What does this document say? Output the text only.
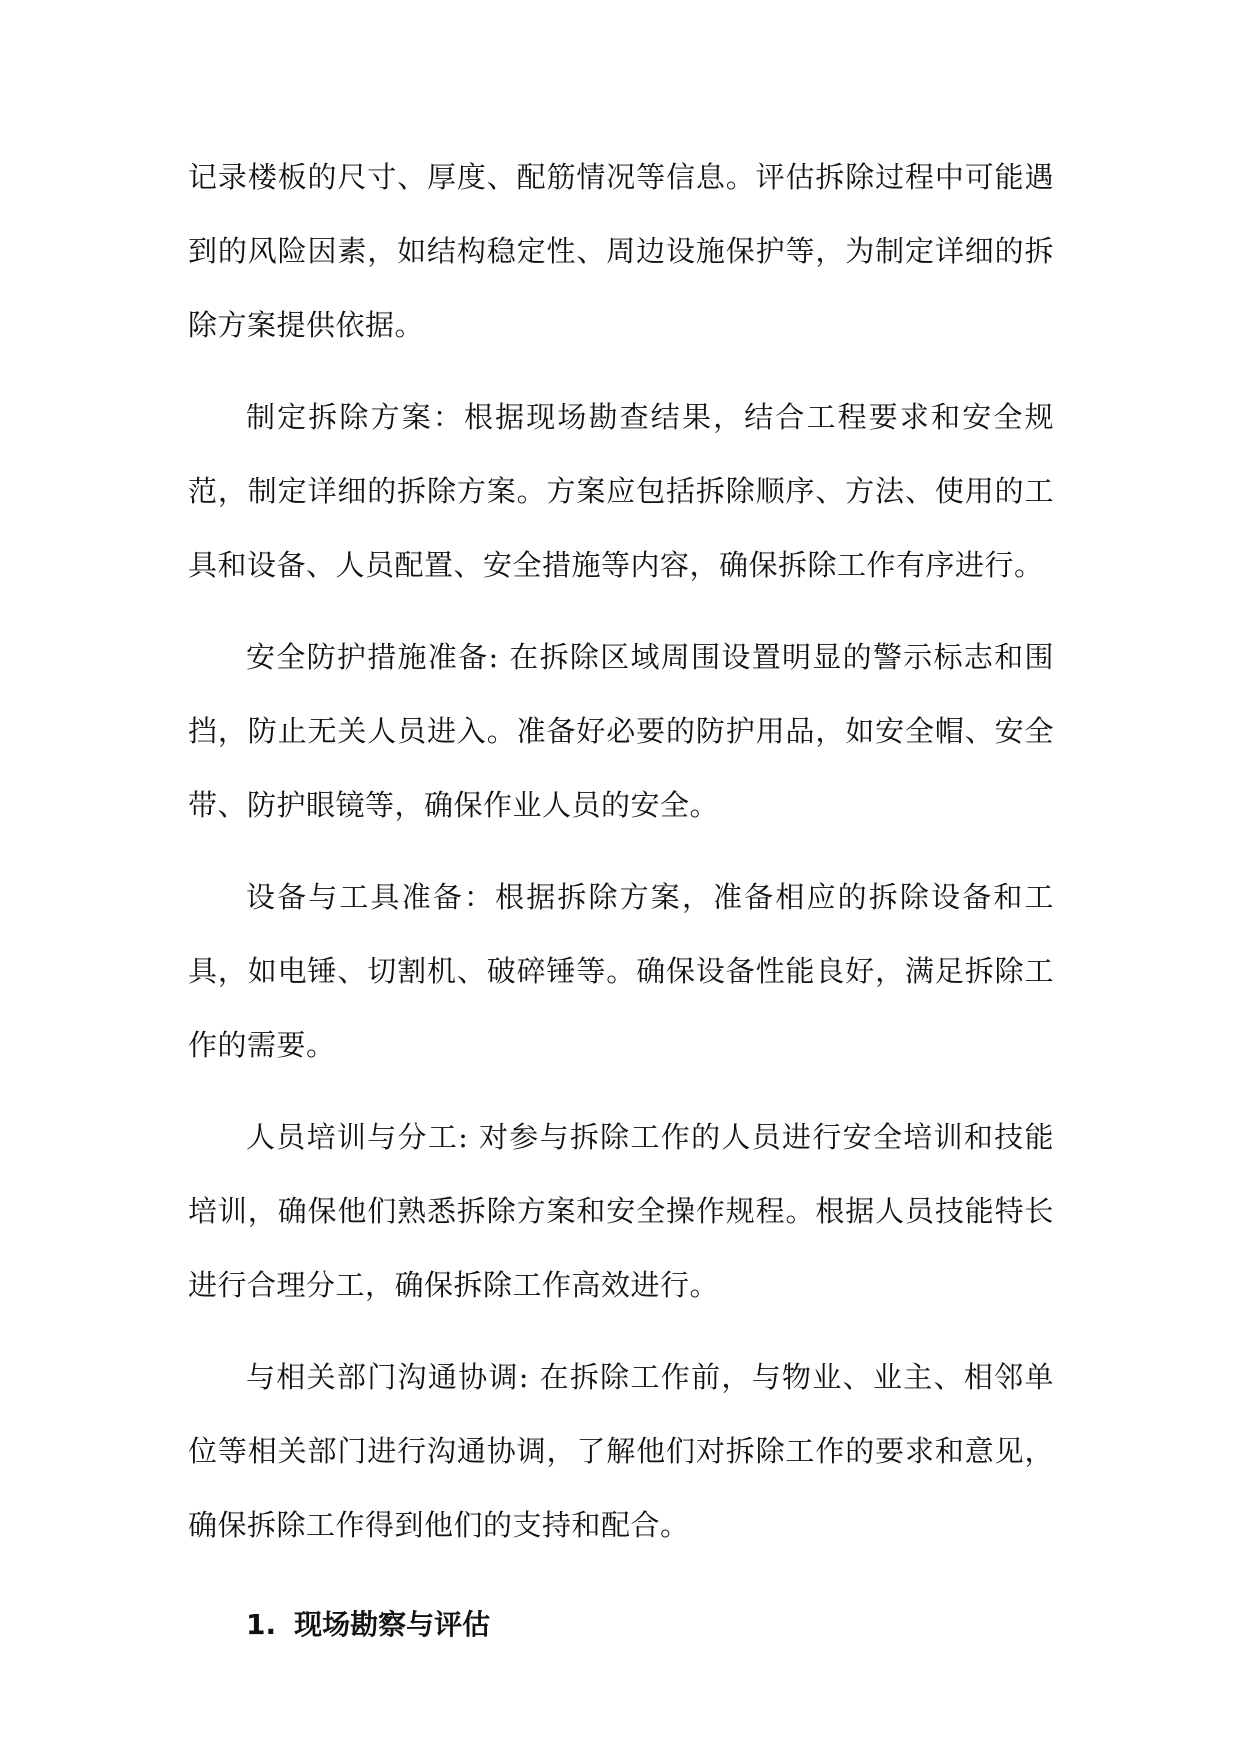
记录楼板的尺寸、厚度、配筋情况等信息。评估拆除过程中可能遇到的风险因素，如结构稳定性、周边设施保护等，为制定详细的拆除方案提供依据。

制定拆除方案：根据现场勘查结果，结合工程要求和安全规范，制定详细的拆除方案。方案应包括拆除顺序、方法、使用的工具和设备、人员配置、安全措施等内容，确保拆除工作有序进行。

安全防护措施准备: 在拆除区域周围设置明显的警示标志和围挡，防止无关人员进入。准备好必要的防护用品，如安全帽、安全带、防护眼镜等，确保作业人员的安全。

设备与工具准备：根据拆除方案，准备相应的拆除设备和工具，如电锤、切割机、破碎锤等。确保设备性能良好，满足拆除工作的需要。

人员培训与分工: 对参与拆除工作的人员进行安全培训和技能培训，确保他们熟悉拆除方案和安全操作规程。根据人员技能特长进行合理分工，确保拆除工作高效进行。

与相关部门沟通协调: 在拆除工作前，与物业、业主、相邻单位等相关部门进行沟通协调，了解他们对拆除工作的要求和意见，确保拆除工作得到他们的支持和配合。

1. 现场勘察与评估
